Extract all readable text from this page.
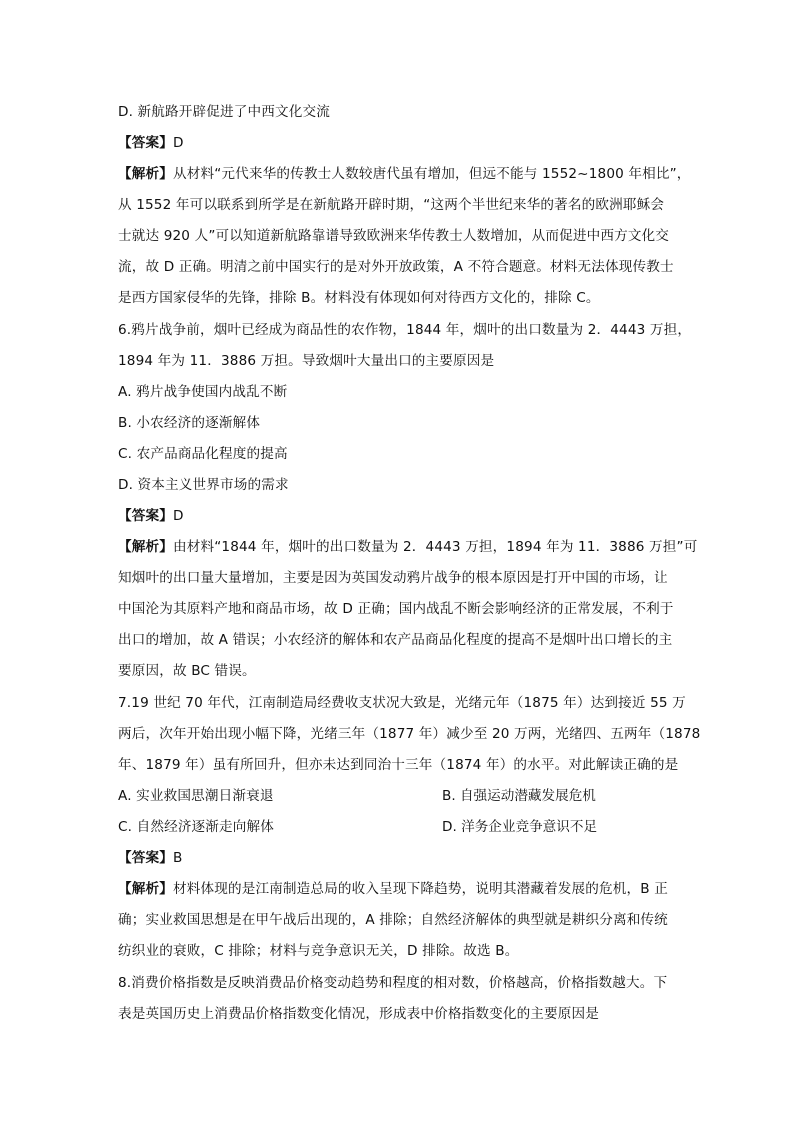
D. 新航路开辟促进了中西文化交流
【答案】D
【解析】从材料“元代来华的传教士人数较唐代虽有增加，但远不能与 1552~1800 年相比”，
从 1552 年可以联系到所学是在新航路开辟时期，“这两个半世纪来华的著名的欧洲耶稣会
士就达 920 人”可以知道新航路靠谱导致欧洲来华传教士人数增加，从而促进中西方文化交
流，故 D 正确。明清之前中国实行的是对外开放政策，A 不符合题意。材料无法体现传教士
是西方国家侵华的先锋，排除 B。材料没有体现如何对待西方文化的，排除 C。
6.鸦片战争前，烟叶已经成为商品性的农作物，1844 年，烟叶的出口数量为 2．4443 万担，
1894 年为 11．3886 万担。导致烟叶大量出口的主要原因是
A. 鸦片战争使国内战乱不断
B. 小农经济的逐渐解体
C. 农产品商品化程度的提高
D. 资本主义世界市场的需求
【答案】D
【解析】由材料“1844 年，烟叶的出口数量为 2．4443 万担，1894 年为 11．3886 万担”可
知烟叶的出口量大量增加，主要是因为英国发动鸦片战争的根本原因是打开中国的市场，让
中国沦为其原料产地和商品市场，故 D 正确；国内战乱不断会影响经济的正常发展，不利于
出口的增加，故 A 错误；小农经济的解体和农产品商品化程度的提高不是烟叶出口增长的主
要原因，故 BC 错误。
7.19 世纪 70 年代，江南制造局经费收支状况大致是，光绪元年（1875 年）达到接近 55 万
两后，次年开始出现小幅下降，光绪三年（1877 年）减少至 20 万两，光绪四、五两年（1878
年、1879 年）虽有所回升，但亦未达到同治十三年（1874 年）的水平。对此解读正确的是
A. 实业救国思潮日渐衰退	B. 自强运动潜藏发展危机
C. 自然经济逐渐走向解体	D. 洋务企业竞争意识不足
【答案】B
【解析】材料体现的是江南制造总局的收入呈现下降趋势，说明其潜藏着发展的危机，B 正
确；实业救国思想是在甲午战后出现的，A 排除；自然经济解体的典型就是耕织分离和传统
纺织业的衰败，C 排除；材料与竞争意识无关，D 排除。故选 B。
8.消费价格指数是反映消费品价格变动趋势和程度的相对数，价格越高，价格指数越大。下
表是英国历史上消费品价格指数变化情况，形成表中价格指数变化的主要原因是
